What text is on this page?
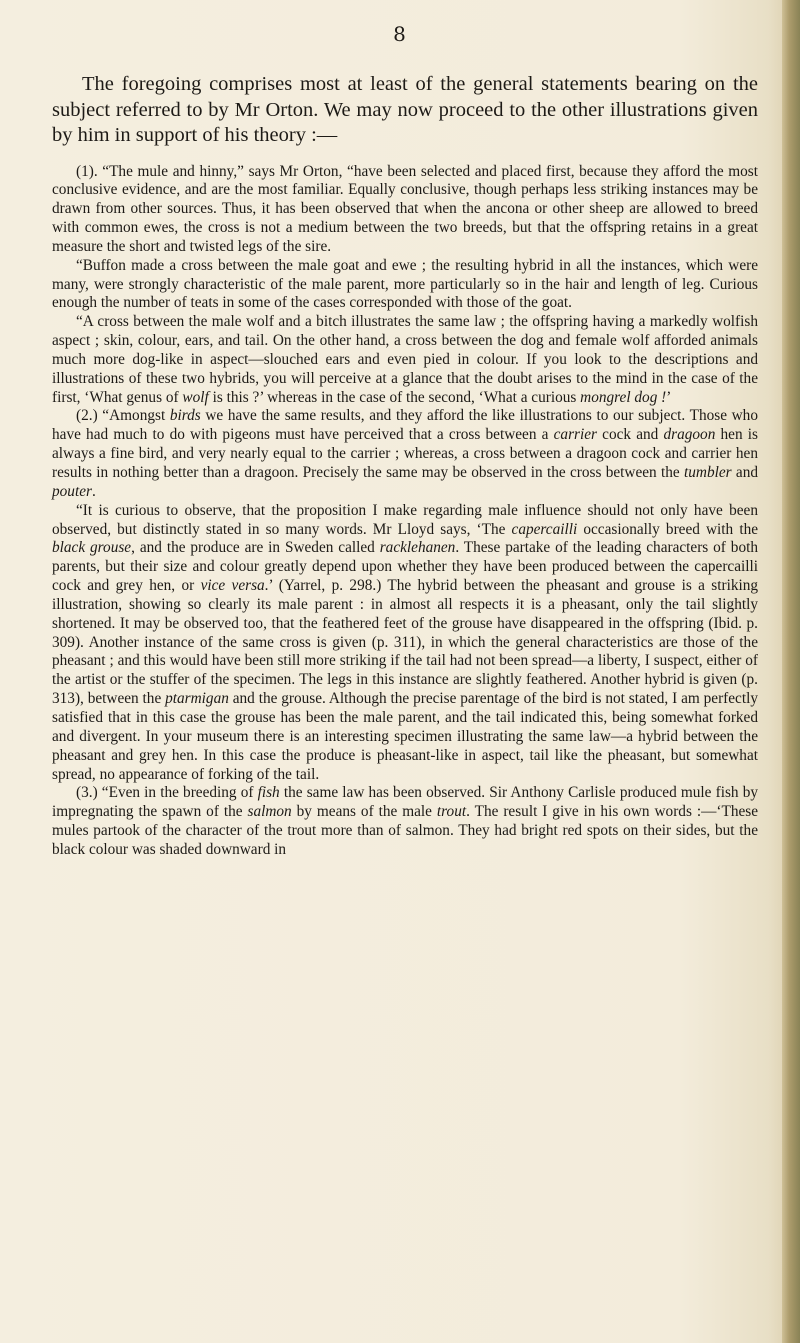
8

The foregoing comprises most at least of the general statements bearing on the subject referred to by Mr Orton. We may now proceed to the other illustrations given by him in support of his theory :—

(1). “The mule and hinny,” says Mr Orton, “have been selected and placed first, because they afford the most conclusive evidence, and are the most familiar. Equally conclusive, though perhaps less striking instances may be drawn from other sources. Thus, it has been observed that when the ancona or other sheep are allowed to breed with common ewes, the cross is not a medium between the two breeds, but that the offspring retains in a great measure the short and twisted legs of the sire.

“Buffon made a cross between the male goat and ewe ; the resulting hybrid in all the instances, which were many, were strongly characteristic of the male parent, more particularly so in the hair and length of leg. Curious enough the number of teats in some of the cases corresponded with those of the goat.

“A cross between the male wolf and a bitch illustrates the same law ; the offspring having a markedly wolfish aspect ; skin, colour, ears, and tail. On the other hand, a cross between the dog and female wolf afforded animals much more dog-like in aspect—slouched ears and even pied in colour. If you look to the descriptions and illustrations of these two hybrids, you will perceive at a glance that the doubt arises to the mind in the case of the first, ‘What genus of wolf is this ?’ whereas in the case of the second, ‘What a curious mongrel dog !’

(2.) “Amongst birds we have the same results, and they afford the like illustrations to our subject. Those who have had much to do with pigeons must have perceived that a cross between a carrier cock and dragoon hen is always a fine bird, and very nearly equal to the carrier ; whereas, a cross between a dragoon cock and carrier hen results in nothing better than a dragoon. Precisely the same may be observed in the cross between the tumbler and pouter.

“It is curious to observe, that the proposition I make regarding male influence should not only have been observed, but distinctly stated in so many words. Mr Lloyd says, ‘The capercailli occasionally breed with the black grouse, and the produce are in Sweden called racklehanen. These partake of the leading characters of both parents, but their size and colour greatly depend upon whether they have been produced between the capercailli cock and grey hen, or vice versa.’ (Yarrel, p. 298.) The hybrid between the pheasant and grouse is a striking illustration, showing so clearly its male parent : in almost all respects it is a pheasant, only the tail slightly shortened. It may be observed too, that the feathered feet of the grouse have disappeared in the offspring (Ibid. p. 309). Another instance of the same cross is given (p. 311), in which the general characteristics are those of the pheasant ; and this would have been still more striking if the tail had not been spread—a liberty, I suspect, either of the artist or the stuffer of the specimen. The legs in this instance are slightly feathered. Another hybrid is given (p. 313), between the ptarmigan and the grouse. Although the precise parentage of the bird is not stated, I am perfectly satisfied that in this case the grouse has been the male parent, and the tail indicated this, being somewhat forked and divergent. In your museum there is an interesting specimen illustrating the same law—a hybrid between the pheasant and grey hen. In this case the produce is pheasant-like in aspect, tail like the pheasant, but somewhat spread, no appearance of forking of the tail.

(3.) “Even in the breeding of fish the same law has been observed. Sir Anthony Carlisle produced mule fish by impregnating the spawn of the salmon by means of the male trout. The result I give in his own words :—‘These mules partook of the character of the trout more than of salmon. They had bright red spots on their sides, but the black colour was shaded downward in
